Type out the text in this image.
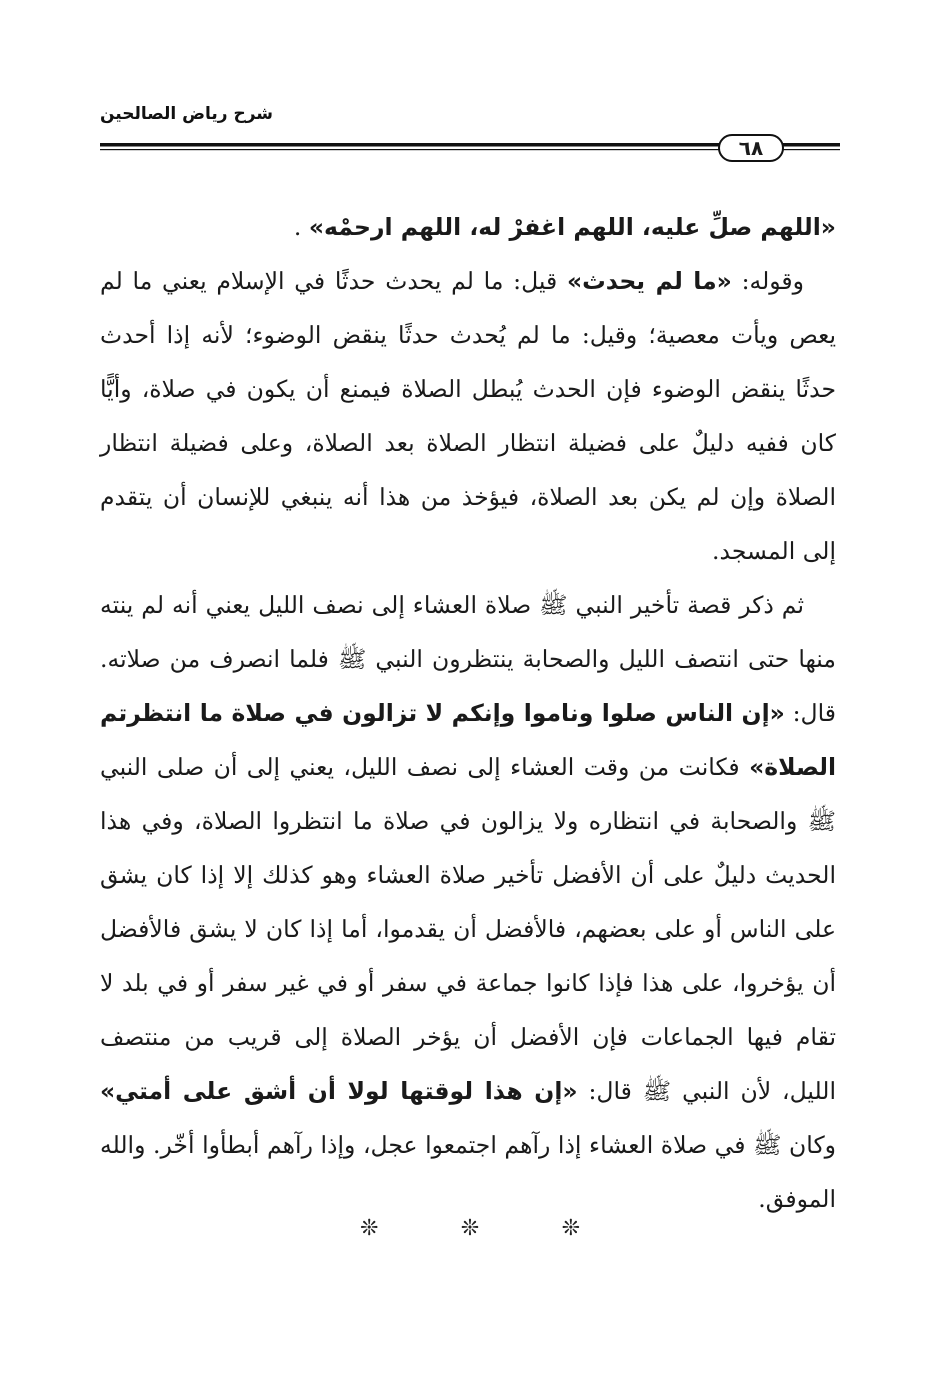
شرح رياض الصالحين
٦٨

«اللهم صلِّ عليه، اللهم اغفرْ له، اللهم ارحمْه» .

وقوله: «ما لم يحدث» قيل: ما لم يحدث حدثًا في الإسلام يعني ما لم يعص ويأت معصية؛ وقيل: ما لم يُحدث حدثًا ينقض الوضوء؛ لأنه إذا أحدث حدثًا ينقض الوضوء فإن الحدث يُبطل الصلاة فيمنع أن يكون في صلاة، وأيًّا كان ففيه دليلٌ على فضيلة انتظار الصلاة بعد الصلاة، وعلى فضيلة انتظار الصلاة وإن لم يكن بعد الصلاة، فيؤخذ من هذا أنه ينبغي للإنسان أن يتقدم إلى المسجد.

ثم ذكر قصة تأخير النبي ﷺ صلاة العشاء إلى نصف الليل يعني أنه لم ينته منها حتى انتصف الليل والصحابة ينتظرون النبي ﷺ فلما انصرف من صلاته. قال: «إن الناس صلوا وناموا وإنكم لا تزالون في صلاة ما انتظرتم الصلاة» فكانت من وقت العشاء إلى نصف الليل، يعني إلى أن صلى النبي ﷺ والصحابة في انتظاره ولا يزالون في صلاة ما انتظروا الصلاة، وفي هذا الحديث دليلٌ على أن الأفضل تأخير صلاة العشاء وهو كذلك إلا إذا كان يشق على الناس أو على بعضهم، فالأفضل أن يقدموا، أما إذا كان لا يشق فالأفضل أن يؤخروا، على هذا فإذا كانوا جماعة في سفر أو في غير سفر أو في بلد لا تقام فيها الجماعات فإن الأفضل أن يؤخر الصلاة إلى قريب من منتصف الليل، لأن النبي ﷺ قال: «إن هذا لوقتها لولا أن أشق على أمتي» وكان ﷺ في صلاة العشاء إذا رآهم اجتمعوا عجل، وإذا رآهم أبطأوا أخّر. والله الموفق.

❊	❊	❊
